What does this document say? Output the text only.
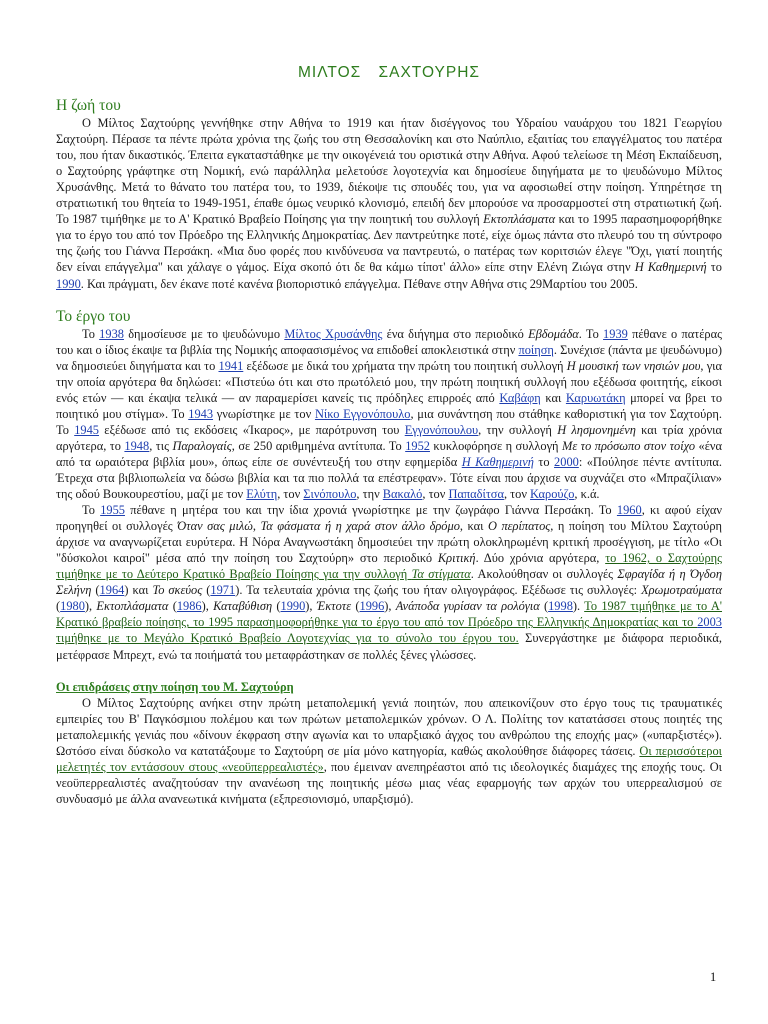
ΜΙΛΤΟΣ ΣΑΧΤΟΥΡΗΣ
Η ζωή του

Ο Μίλτος Σαχτούρης γεννήθηκε στην Αθήνα το 1919 και ήταν δισέγγονος του Υδραίου ναυάρχου του 1821 Γεωργίου Σαχτούρη. Πέρασε τα πέντε πρώτα χρόνια της ζωής του στη Θεσσαλονίκη και στο Ναύπλιο, εξαιτίας του επαγγέλματος του πατέρα του, που ήταν δικαστικός. Έπειτα εγκαταστάθηκε με την οικογένειά του οριστικά στην Αθήνα. Αφού τελείωσε τη Μέση Εκπαίδευση, ο Σαχτούρης γράφτηκε στη Νομική, ενώ παράλληλα μελετούσε λογοτεχνία και δημοσίευε διηγήματα με το ψευδώνυμο Μίλτος Χρυσάνθης. Μετά το θάνατο του πατέρα του, το 1939, διέκοψε τις σπουδές του, για να αφοσιωθεί στην ποίηση. Υπηρέτησε τη στρατιωτική του θητεία το 1949-1951, έπαθε όμως νευρικό κλονισμό, επειδή δεν μπορούσε να προσαρμοστεί στη στρατιωτική ζωή. Το 1987 τιμήθηκε με το Α' Κρατικό Βραβείο Ποίησης για την ποιητική του συλλογή Εκτοπλάσματα και το 1995 παρασημοφορήθηκε για το έργο του από τον Πρόεδρο της Ελληνικής Δημοκρατίας. Δεν παντρεύτηκε ποτέ, είχε όμως πάντα στο πλευρό του τη σύντροφο της ζωής του Γιάννα Περσάκη. «Μια δυο φορές που κινδύνευσα να παντρευτώ, ο πατέρας των κοριτσιών έλεγε "Όχι, γιατί ποιητής δεν είναι επάγγελμα" και χάλαγε ο γάμος. Είχα σκοπό ότι δε θα κάμω τίποτ' άλλο» είπε στην Ελένη Ζιώγα στην Η Καθημερινή το 1990. Και πράγματι, δεν έκανε ποτέ κανένα βιοποριστικό επάγγελμα. Πέθανε στην Αθήνα στις 29Μαρτίου του 2005.

Το έργο του

Το 1938 δημοσίευσε με το ψευδώνυμο Μίλτος Χρυσάνθης ένα διήγημα στο περιοδικό Εβδομάδα. Το 1939 πέθανε ο πατέρας του και ο ίδιος έκαψε τα βιβλία της Νομικής αποφασισμένος να επιδοθεί αποκλειστικά στην ποίηση. Συνέχισε (πάντα με ψευδώνυμο) να δημοσιεύει διηγήματα και το 1941 εξέδωσε με δικά του χρήματα την πρώτη του ποιητική συλλογή Η μουσική των νησιών μου, για την οποία αργότερα θα δηλώσει: «Πιστεύω ότι και στο πρωτόλειό μου, την πρώτη ποιητική συλλογή που εξέδωσα φοιτητής, είκοσι ενός ετών — και έκαψα τελικά — αν παραμερίσει κανείς τις πρόδηλες επιρροές από Καβάφη και Καρυωτάκη μπορεί να βρει το ποιητικό μου στίγμα». Το 1943 γνωρίστηκε με τον Νίκο Εγγονόπουλο, μια συνάντηση που στάθηκε καθοριστική για τον Σαχτούρη. Το 1945 εξέδωσε από τις εκδόσεις «Ίκαρος», με παρότρυνση του Εγγονόπουλου, την συλλογή Η λησμονημένη και τρία χρόνια αργότερα, το 1948, τις Παραλογαίς, σε 250 αριθμημένα αντίτυπα. Το 1952 κυκλοφόρησε η συλλογή Με το πρόσωπο στον τοίχο «ένα από τα ωραιότερα βιβλία μου», όπως είπε σε συνέντευξή του στην εφημερίδα Η Καθημερινή το 2000: «Πούλησε πέντε αντίτυπα. Έτρεχα στα βιβλιοπωλεία να δώσω βιβλία και τα πιο πολλά τα επέστρεφαν». Τότε είναι που άρχισε να συχνάζει στο «Μπραζίλιαν» της οδού Βουκουρεστίου, μαζί με τον Ελύτη, τον Σινόπουλο, την Βακαλό, τον Παπαδίτσα, τον Καρούζο, κ.ά.

Το 1955 πέθανε η μητέρα του και την ίδια χρονιά γνωρίστηκε με την ζωγράφο Γιάννα Περσάκη. Το 1960, κι αφού είχαν προηγηθεί οι συλλογές Όταν σας μιλώ, Τα φάσματα ή η χαρά στον άλλο δρόμο, και Ο περίπατος, η ποίηση του Μίλτου Σαχτούρη άρχισε να αναγνωρίζεται ευρύτερα. Η Νόρα Αναγνωστάκη δημοσιεύει την πρώτη ολοκληρωμένη κριτική προσέγγιση, με τίτλο «Οι "δύσκολοι καιροί" μέσα από την ποίηση του Σαχτούρη» στο περιοδικό Κριτική. Δύο χρόνια αργότερα, το 1962, ο Σαχτούρης τιμήθηκε με το Δεύτερο Κρατικό Βραβείο Ποίησης για την συλλογή Τα στίγματα. Ακολούθησαν οι συλλογές Σφραγίδα ή η Όγδοη Σελήνη (1964) και Το σκεύος (1971). Τα τελευταία χρόνια της ζωής του ήταν ολιγογράφος. Εξέδωσε τις συλλογές: Χρωμοτραύματα (1980), Εκτοπλάσματα (1986), Καταβύθιση (1990), Έκτοτε (1996), Ανάποδα γυρίσαν τα ρολόγια (1998). Το 1987 τιμήθηκε με το Α' Κρατικό βραβείο ποίησης, το 1995 παρασημοφορήθηκε για το έργο του από τον Πρόεδρο της Ελληνικής Δημοκρατίας και το 2003 τιμήθηκε με το Μεγάλο Κρατικό Βραβείο Λογοτεχνίας για το σύνολο του έργου του. Συνεργάστηκε με διάφορα περιοδικά, μετέφρασε Μπρεχτ, ενώ τα ποιήματά του μεταφράστηκαν σε πολλές ξένες γλώσσες.

Οι επιδράσεις στην ποίηση του Μ. Σαχτούρη

Ο Μίλτος Σαχτούρης ανήκει στην πρώτη μεταπολεμική γενιά ποιητών, που απεικονίζουν στο έργο τους τις τραυματικές εμπειρίες του Β' Παγκόσμιου πολέμου και των πρώτων μεταπολεμικών χρόνων. Ο Λ. Πολίτης τον κατατάσσει στους ποιητές της μεταπολεμικής γενιάς που «δίνουν έκφραση στην αγωνία και το υπαρξιακό άγχος του ανθρώπου της εποχής μας» («υπαρξιστές»). Ωστόσο είναι δύσκολο να κατατάξουμε το Σαχτούρη σε μία μόνο κατηγορία, καθώς ακολούθησε διάφορες τάσεις. Οι περισσότεροι μελετητές τον εντάσσουν στους «νεοϋπερρεαλιστές», που έμειναν ανεπηρέαστοι από τις ιδεολογικές διαμάχες της εποχής τους. Οι νεοϋπερρεαλιστές αναζητούσαν την ανανέωση της ποιητικής μέσω μιας νέας εφαρμογής των αρχών του υπερρεαλισμού σε συνδυασμό με άλλα ανανεωτικά κινήματα (εξπρεσιονισμό, υπαρξισμό).

1
